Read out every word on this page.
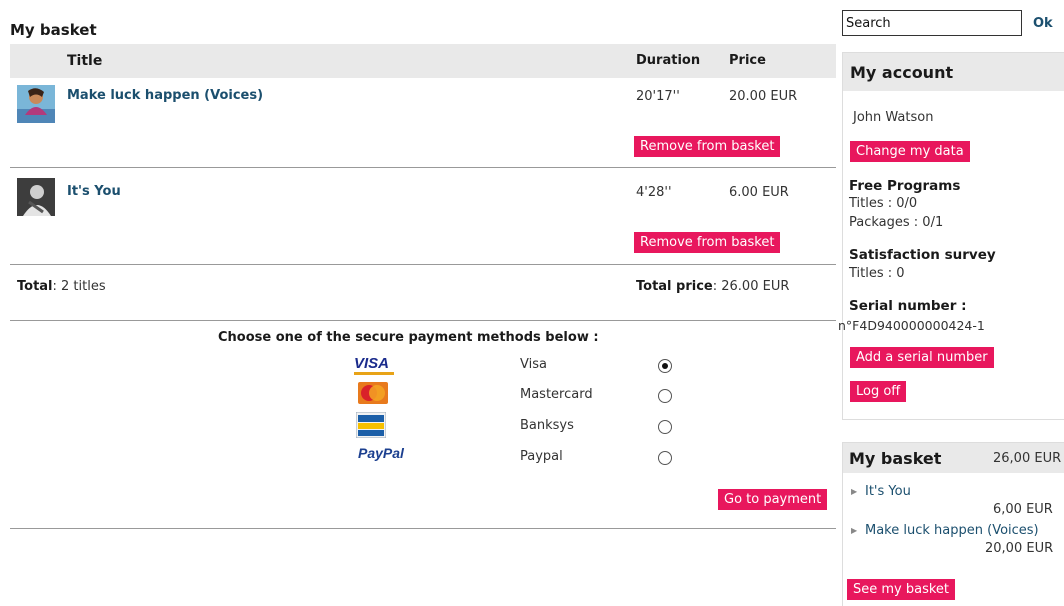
My basket
Title	Duration Price
Make luck happen (Voices)	20'17''	20.00 EUR
Remove from basket
It's You	4'28''	6.00 EUR
Remove from basket
Total: 2 titles	Total price: 26.00 EUR
Choose one of the secure payment methods below :
VISA	Visa
Mastercard
Banksys
PayPal	Paypal
Go to payment
Search	Ok
My account
John Watson
Change my data
Free Programs
Titles : 0/0
Packages : 0/1
Satisfaction survey
Titles : 0
Serial number :
n°F4D940000000424-1
Add a serial number
Log off
My basket	26,00 EUR
▶ It's You
6,00 EUR
▶ Make luck happen (Voices)
20,00 EUR
See my basket
